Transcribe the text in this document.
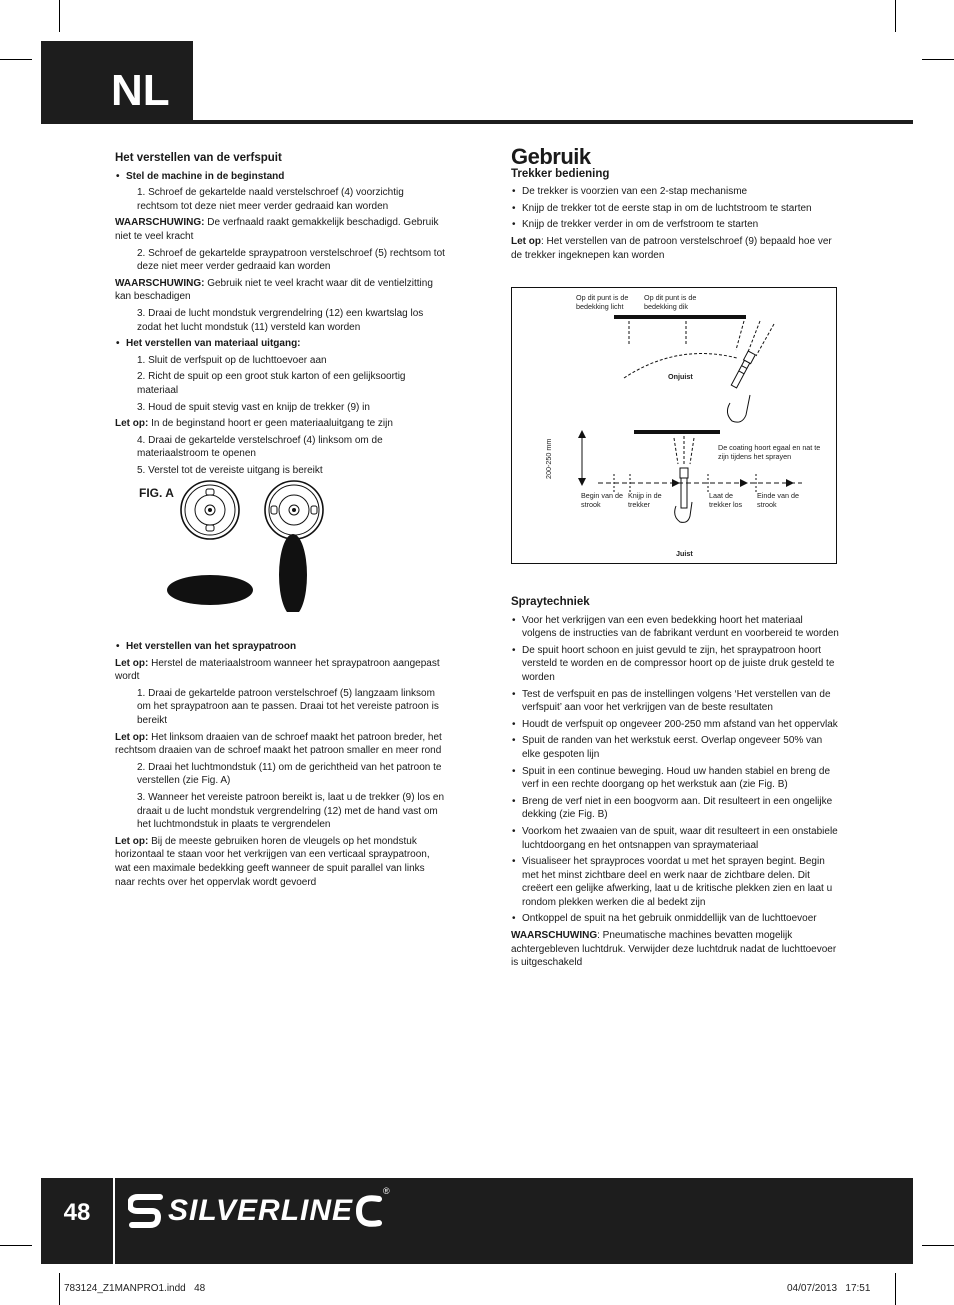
NL
Het verstellen van de verfspuit
• Stel de machine in de beginstand
1. Schroef de gekartelde naald verstelschroef (4) voorzichtig rechtsom tot deze niet meer verder gedraaid kan worden

WAARSCHUWING: De verfnaald raakt gemakkelijk beschadigd. Gebruik niet te veel kracht

2. Schroef de gekartelde spraypatroon verstelschroef (5) rechtsom tot deze niet meer verder gedraaid kan worden

WAARSCHUWING: Gebruik niet te veel kracht waar dit de ventielzitting kan beschadigen

3. Draai de lucht mondstuk vergrendelring (12) een kwartslag los zodat het lucht mondstuk (11) versteld kan worden
• Het verstellen van materiaal uitgang:
1. Sluit de verfspuit op de luchttoevoer aan
2. Richt de spuit op een groot stuk karton of een gelijksoortig materiaal
3. Houd de spuit stevig vast en knijp de trekker (9) in

Let op: In de beginstand hoort er geen materiaaluitgang te zijn

4. Draai de gekartelde verstelschroef (4) linksom om de materiaalstroom te openen
5. Verstel tot de vereiste uitgang is bereikt
FIG. A
• Het verstellen van het spraypatroon

Let op: Herstel de materiaalstroom wanneer het spraypatroon aangepast wordt

1. Draai de gekartelde patroon verstelschroef (5) langzaam linksom om het spraypatroon aan te passen. Draai tot het vereiste patroon is bereikt

Let op: Het linksom draaien van de schroef maakt het patroon breder, het rechtsom draaien van de schroef maakt het patroon smaller en meer rond

2. Draai het luchtmondstuk (11) om de gerichtheid van het patroon te verstellen (zie Fig. A)
3. Wanneer het vereiste patroon bereikt is, laat u de trekker (9) los en draait u de lucht mondstuk vergrendelring (12) met de hand vast om het luchtmondstuk in plaats te vergrendelen

Let op: Bij de meeste gebruiken horen de vleugels op het mondstuk horizontaal te staan voor het verkrijgen van een verticaal spraypatroon, wat een maximale bedekking geeft wanneer de spuit parallel van links naar rechts over het oppervlak wordt gevoerd

Gebruik
Trekker bediening
• De trekker is voorzien van een 2-stap mechanisme
• Knijp de trekker tot de eerste stap in om de luchtstroom te starten
• Knijp de trekker verder in om de verfstroom te starten

Let op: Het verstellen van de patroon verstelschroef (9) bepaald hoe ver de trekker ingeknepen kan worden

Op dit punt is de bedekking licht
Op dit punt is de bedekking dik
Onjuist
200-250 mm	De coating hoort egaal en nat te zijn tijdens het sprayen
Begin van de strook
Knijp in de trekker
Laat de trekker los
Einde van de strook
Juist
Spraytechniek
• Voor het verkrijgen van een even bedekking hoort het materiaal volgens de instructies van de fabrikant verdunt en voorbereid te worden
• De spuit hoort schoon en juist gevuld te zijn, het spraypatroon hoort versteld te worden en de compressor hoort op de juiste druk gesteld te worden
• Test de verfspuit en pas de instellingen volgens ‘Het verstellen van de verfspuit’ aan voor het verkrijgen van de beste resultaten
• Houdt de verfspuit op ongeveer 200-250 mm afstand van het oppervlak
• Spuit de randen van het werkstuk eerst. Overlap ongeveer 50% van elke gespoten lijn
• Spuit in een continue beweging. Houd uw handen stabiel en breng de verf in een rechte doorgang op het werkstuk aan (zie Fig. B)
• Breng de verf niet in een boogvorm aan. Dit resulteert in een ongelijke dekking (zie Fig. B)
• Voorkom het zwaaien van de spuit, waar dit resulteert in een onstabiele luchtdoorgang en het ontsnappen van spraymateriaal
• Visualiseer het sprayproces voordat u met het sprayen begint. Begin met het minst zichtbare deel en werk naar de zichtbare delen. Dit creëert een gelijke afwerking, laat u de kritische plekken zien en laat u rondom plekken werken die al bedekt zijn
• Ontkoppel de spuit na het gebruik onmiddellijk van de luchttoevoer

WAARSCHUWING: Pneumatische machines bevatten mogelijk achtergebleven luchtdruk. Verwijder deze luchtdruk nadat de luchttoevoer is uitgeschakeld

48	SILVERLINE
®
783124_Z1MANPRO1.indd   48	04/07/2013   17:51
